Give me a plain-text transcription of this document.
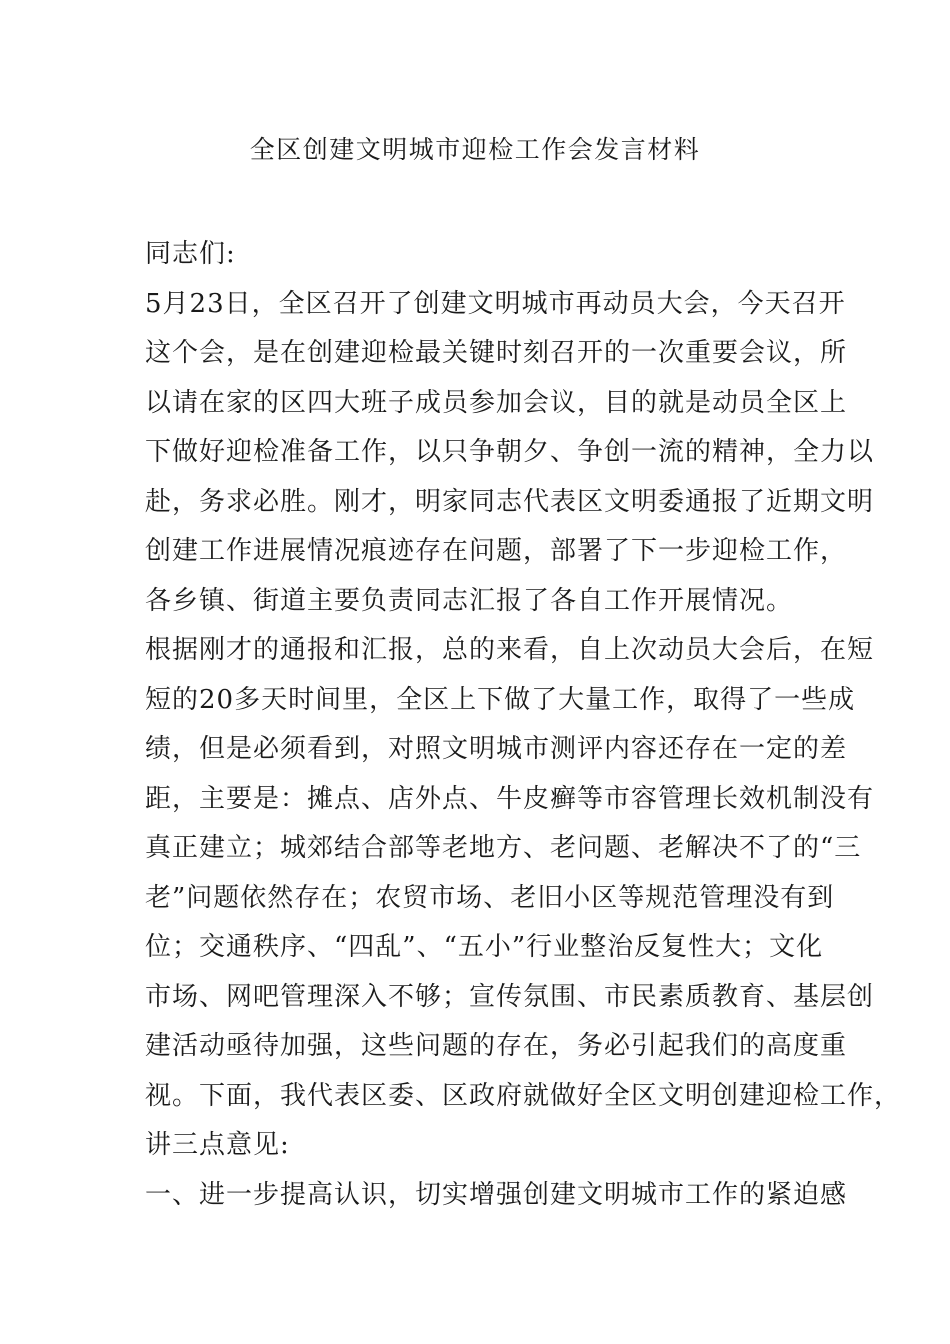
全区创建文明城市迎检工作会发言材料
同志们:
5月23日，全区召开了创建文明城市再动员大会，今天召开
这个会，是在创建迎检最关键时刻召开的一次重要会议，所
以请在家的区四大班子成员参加会议，目的就是动员全区上
下做好迎检准备工作，以只争朝夕、争创一流的精神，全力以
赴，务求必胜。刚才，明家同志代表区文明委通报了近期文明
创建工作进展情况痕迹存在问题，部署了下一步迎检工作，
各乡镇、街道主要负责同志汇报了各自工作开展情况。
根据刚才的通报和汇报，总的来看，自上次动员大会后，在短
短的20多天时间里，全区上下做了大量工作，取得了一些成
绩，但是必须看到，对照文明城市测评内容还存在一定的差
距，主要是：摊点、店外点、牛皮癣等市容管理长效机制没有
真正建立；城郊结合部等老地方、老问题、老解决不了的“三
老”问题依然存在；农贸市场、老旧小区等规范管理没有到
位；交通秩序、“四乱”、“五小”行业整治反复性大；文化
市场、网吧管理深入不够；宣传氛围、市民素质教育、基层创
建活动亟待加强，这些问题的存在，务必引起我们的高度重
视。下面，我代表区委、区政府就做好全区文明创建迎检工作，
讲三点意见:
一、进一步提高认识，切实增强创建文明城市工作的紧迫感
